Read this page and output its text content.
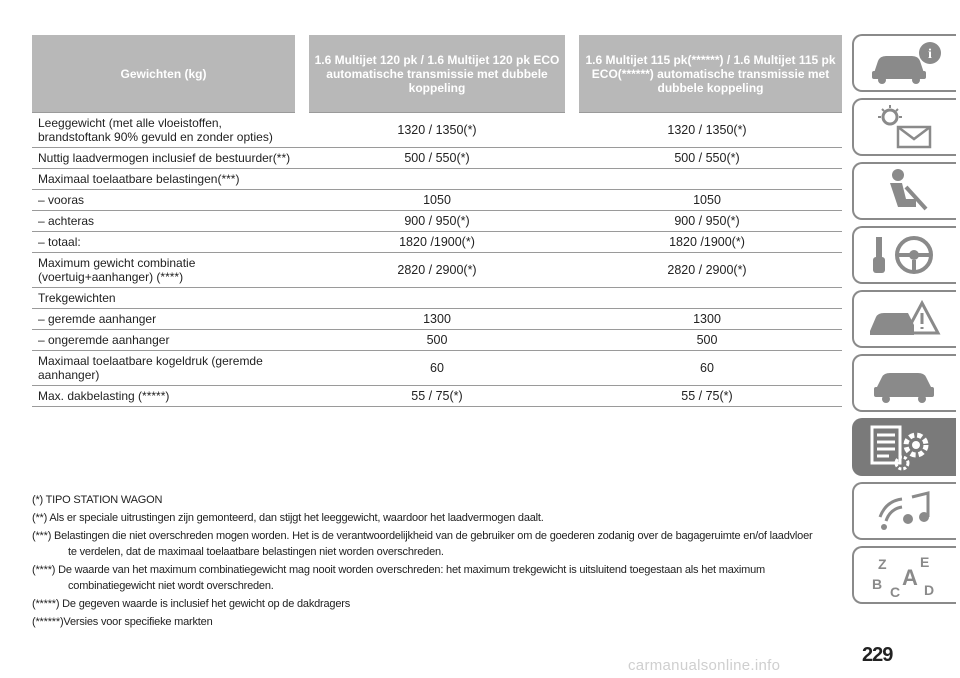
Gewichten (kg)	1.6 Multijet 120 pk / 1.6 Multijet 120 pk ECO automatische transmissie met dubbele koppeling	1.6 Multijet 115 pk(******) / 1.6 Multijet 115 pk ECO(******) automatische transmissie met dubbele koppeling
Leeggewicht (met alle vloeistoffen, brandstoftank 90% gevuld en zonder opties)	1320 / 1350(*)	1320 / 1350(*)
Nuttig laadvermogen inclusief de bestuurder(**)	500 / 550(*)	500 / 550(*)
Maximaal toelaatbare belastingen(***)		
– vooras	1050	1050
– achteras	900 / 950(*)	900 / 950(*)
– totaal:	1820 /1900(*)	1820 /1900(*)
Maximum gewicht combinatie (voertuig+aanhanger) (****)	2820 / 2900(*)	2820 / 2900(*)
Trekgewichten		
– geremde aanhanger	1300	1300
– ongeremde aanhanger	500	500
Maximaal toelaatbare kogeldruk (geremde aanhanger)	60	60
Max. dakbelasting (*****)	55 / 75(*)	55 / 75(*)

(*) TIPO STATION WAGON

(**) Als er speciale uitrustingen zijn gemonteerd, dan stijgt het leeggewicht, waardoor het laadvermogen daalt.

(***) Belastingen die niet overschreden mogen worden. Het is de verantwoordelijkheid van de gebruiker om de goederen zodanig over de bagageruimte en/of laadvloer te verdelen, dat de maximaal toelaatbare belastingen niet worden overschreden.

(****) De waarde van het maximum combinatiegewicht mag nooit worden overschreden: het maximum trekgewicht is uitsluitend toegestaan als het maximum combinatiegewicht niet wordt overschreden.

(*****) De gegeven waarde is inclusief het gewicht op de dakdragers

(******)Versies voor specifieke markten

i
Z E
B A
C D
229
carmanualsonline.info
